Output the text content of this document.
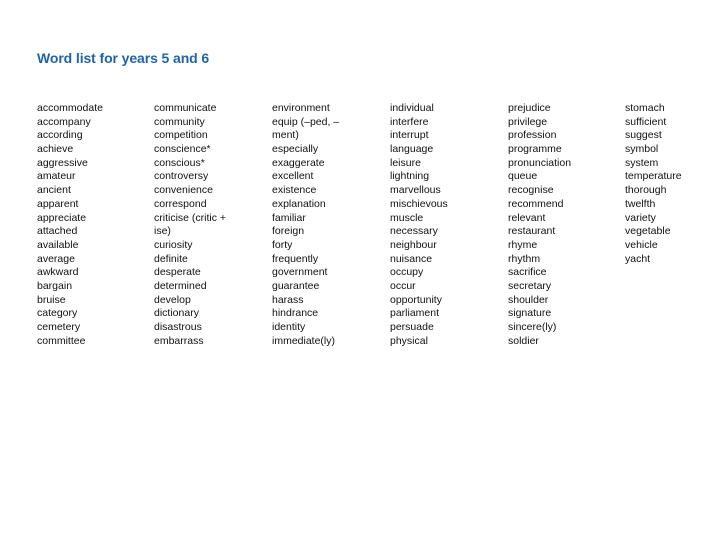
Word list for years 5 and 6
accommodate
accompany
according
achieve
aggressive
amateur
ancient
apparent
appreciate
attached
available
average
awkward
bargain
bruise
category
cemetery
committee
communicate
community
competition
conscience*
conscious*
controversy
convenience
correspond
criticise (critic +
ise)
curiosity
definite
desperate
determined
develop
dictionary
disastrous
embarrass
environment
equip (–ped, –
ment)
especially
exaggerate
excellent
existence
explanation
familiar
foreign
forty
frequently
government
guarantee
harass
hindrance
identity
immediate(ly)
individual
interfere
interrupt
language
leisure
lightning
marvellous
mischievous
muscle
necessary
neighbour
nuisance
occupy
occur
opportunity
parliament
persuade
physical
prejudice
privilege
profession
programme
pronunciation
queue
recognise
recommend
relevant
restaurant
rhyme
rhythm
sacrifice
secretary
shoulder
signature
sincere(ly)
soldier
stomach
sufficient
suggest
symbol
system
temperature
thorough
twelfth
variety
vegetable
vehicle
yacht
